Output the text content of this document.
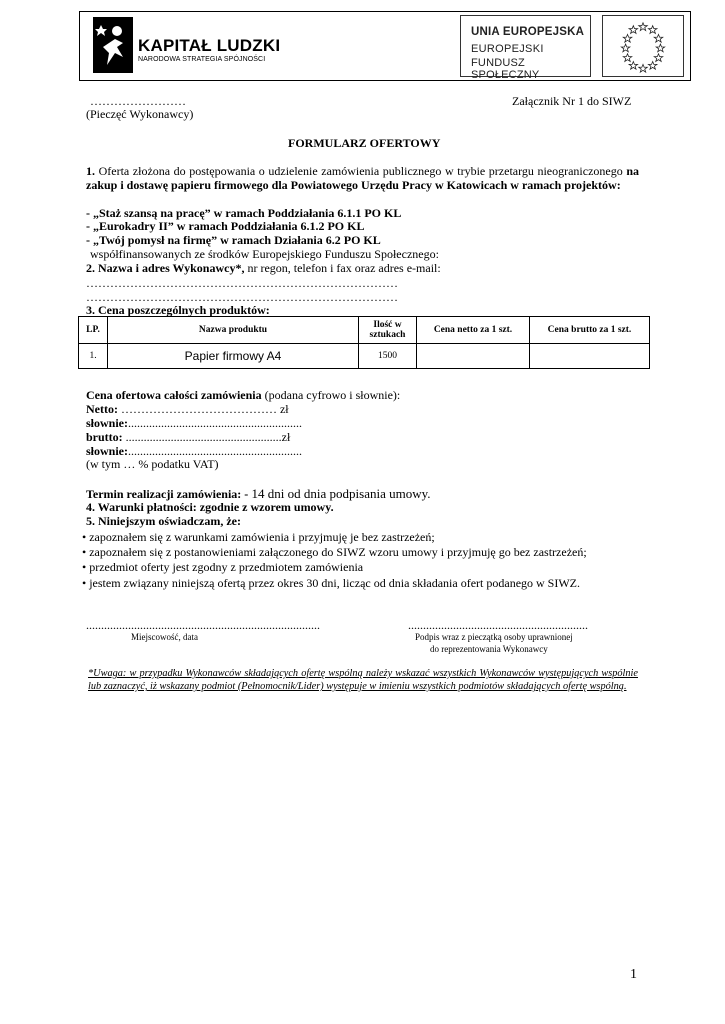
KAPITAŁ LUDZKI
NARODOWA STRATEGIA SPÓJNOŚCI
UNIA EUROPEJSKA
EUROPEJSKI
FUNDUSZ SPOŁECZNY
……………………
(Pieczęć Wykonawcy)
Załącznik Nr 1 do SIWZ
FORMULARZ OFERTOWY
1. Oferta złożona do postępowania o udzielenie zamówienia publicznego w trybie przetargu nieograniczonego na zakup i dostawę papieru firmowego dla Powiatowego Urzędu Pracy w Katowicach w ramach projektów:
- „Staż szansą na pracę” w ramach Poddziałania 6.1.1 PO KL
- „Eurokadry II” w ramach Poddziałania 6.1.2 PO KL
- „Twój pomysł na firmę” w ramach Działania 6.2 PO KL
współfinansowanych ze środków Europejskiego Funduszu Społecznego:
2. Nazwa i adres Wykonawcy*, nr regon, telefon i fax oraz adres e-mail:
……………………………………………………………………
……………………………………………………………………
3. Cena poszczególnych produktów:
LP.	Nazwa produktu	Ilość w sztukach	Cena netto za 1 szt.	Cena brutto za 1 szt.
1.	Papier firmowy A4	1500		
Cena ofertowa całości zamówienia (podana cyfrowo i słownie):
Netto: ………………………………… zł
słownie:..........................................................
brutto: ....................................................zł
słownie:..........................................................
(w tym … % podatku VAT)
Termin realizacji zamówienia: - 14 dni od dnia podpisania umowy.
4. Warunki płatności: zgodnie z wzorem umowy.
5. Niniejszym oświadczam, że:
• zapoznałem się z warunkami zamówienia i przyjmuję je bez zastrzeżeń;
• zapoznałem się z postanowieniami załączonego do SIWZ wzoru umowy i przyjmuję go bez zastrzeżeń;
• przedmiot oferty jest zgodny z przedmiotem zamówienia
• jestem związany niniejszą ofertą przez okres 30 dni, licząc od dnia składania ofert podanego w SIWZ.
..............................................................................
Miejscowość, data
............................................................
Podpis wraz z pieczątką osoby uprawnionej
do reprezentowania Wykonawcy
*Uwaga: w przypadku Wykonawców składających ofertę wspólną należy wskazać wszystkich Wykonawców występujących wspólnie lub zaznaczyć, iż wskazany podmiot (Pełnomocnik/Lider) występuje w imieniu wszystkich podmiotów składających ofertę wspólną.
1
